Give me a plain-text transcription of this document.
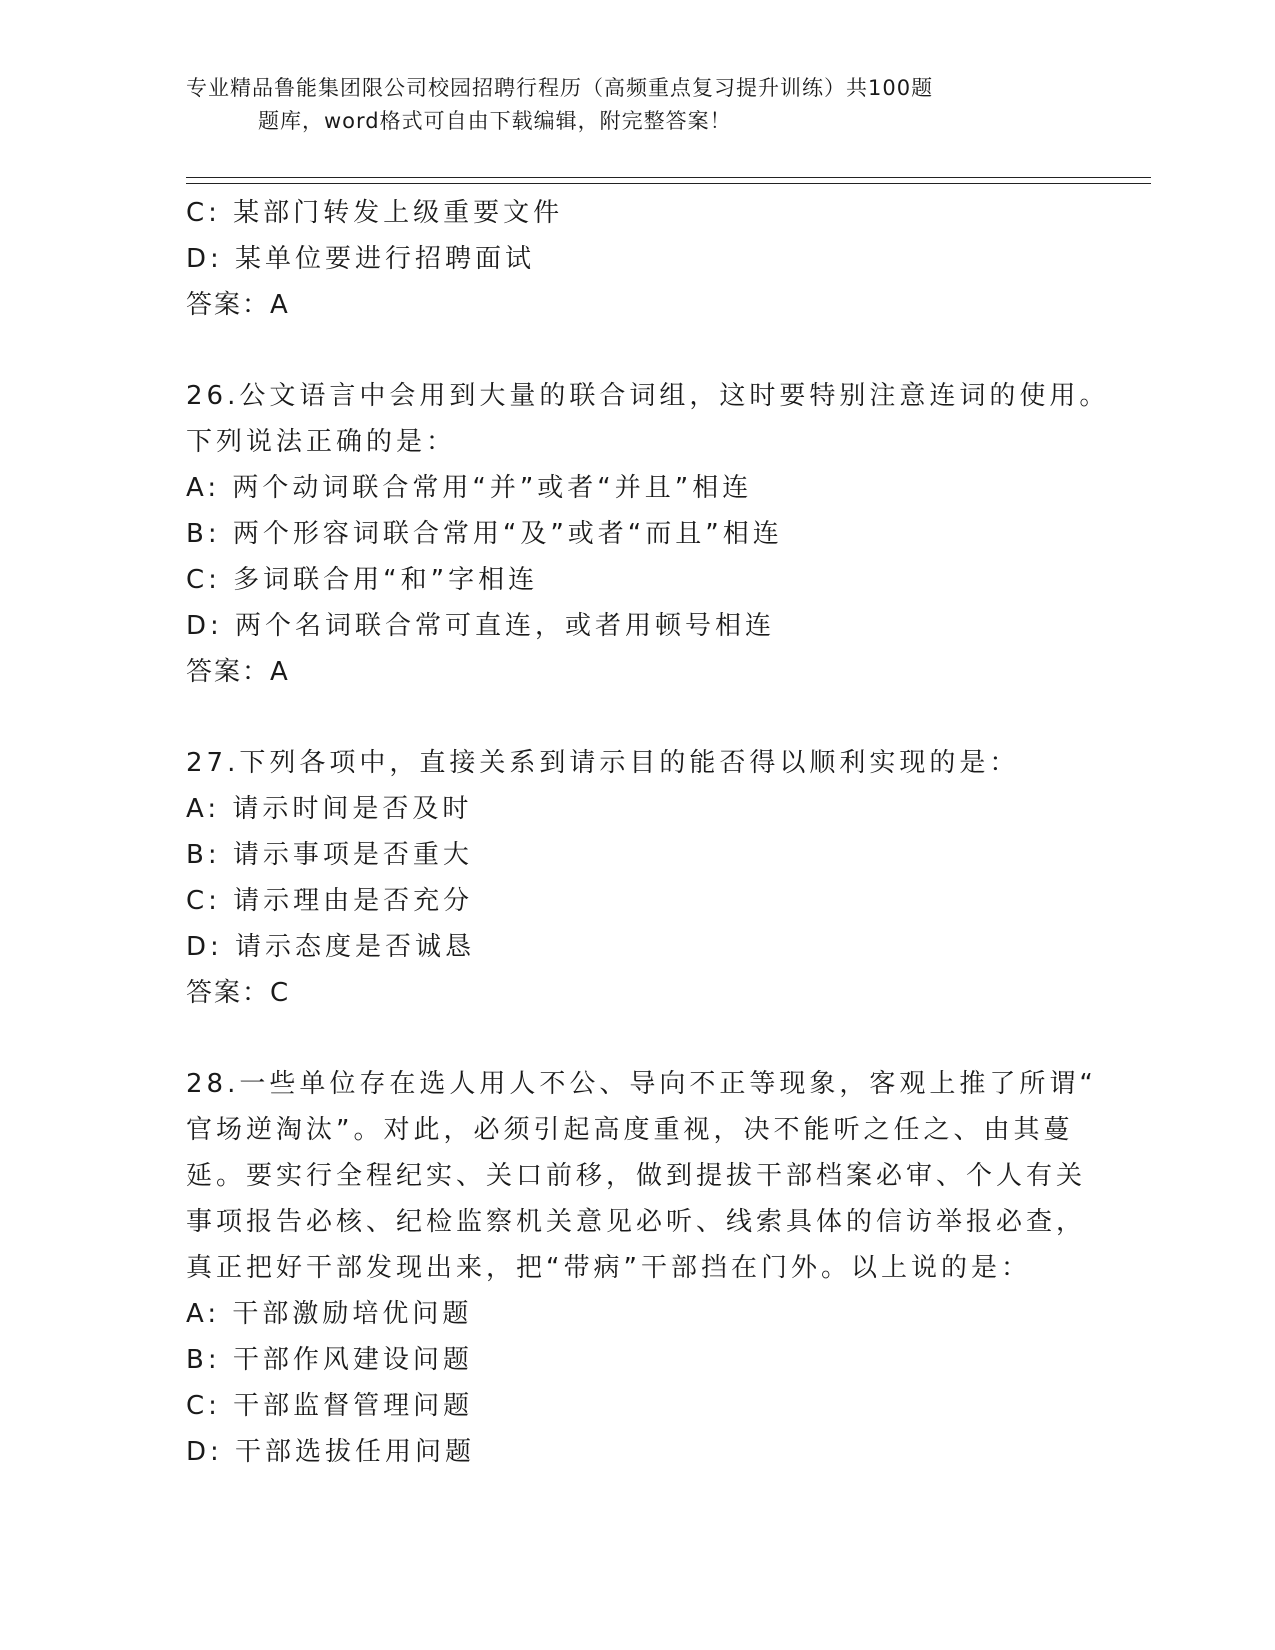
专业精品鲁能集团限公司校园招聘行程历（高频重点复习提升训练）共100题
题库，word格式可自由下载编辑，附完整答案！
C: 某部门转发上级重要文件
D: 某单位要进行招聘面试
答案：A
26.公文语言中会用到大量的联合词组，这时要特别注意连词的使用。
下列说法正确的是：
A: 两个动词联合常用“并”或者“并且”相连
B: 两个形容词联合常用“及”或者“而且”相连
C: 多词联合用“和”字相连
D: 两个名词联合常可直连，或者用顿号相连
答案：A
27.下列各项中，直接关系到请示目的能否得以顺利实现的是：
A: 请示时间是否及时
B: 请示事项是否重大
C: 请示理由是否充分
D: 请示态度是否诚恳
答案：C
28.一些单位存在选人用人不公、导向不正等现象，客观上推了所谓“
官场逆淘汰”。对此，必须引起高度重视，决不能听之任之、由其蔓
延。要实行全程纪实、关口前移，做到提拔干部档案必审、个人有关
事项报告必核、纪检监察机关意见必听、线索具体的信访举报必查，
真正把好干部发现出来，把“带病”干部挡在门外。以上说的是：
A: 干部激励培优问题
B: 干部作风建设问题
C: 干部监督管理问题
D: 干部选拔任用问题
